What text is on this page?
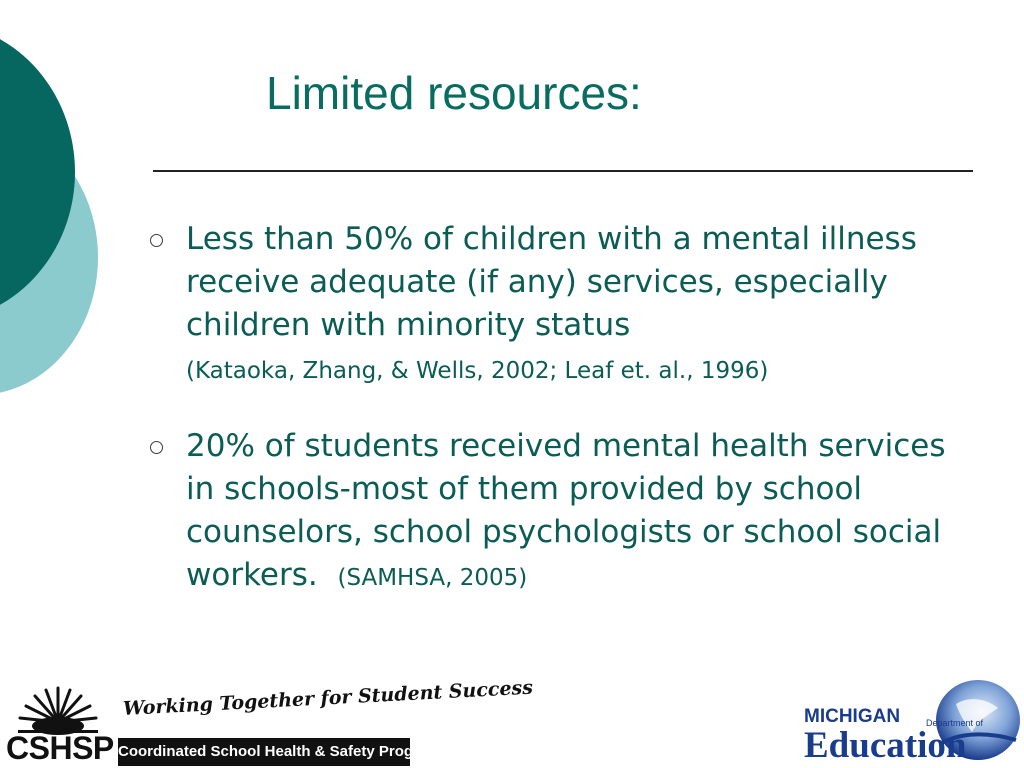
Limited resources:
Less than 50% of children with a mental illness receive adequate (if any) services, especially children with minority status
(Kataoka, Zhang, & Wells, 2002; Leaf et. al., 1996)
20% of students received mental health services in schools-most of them provided by school counselors, school psychologists or school social workers. (SAMHSA, 2005)
CSHSP
Working Together for Student Success
Coordinated School Health & Safety Programs
MICHIGAN	Department of
Education
